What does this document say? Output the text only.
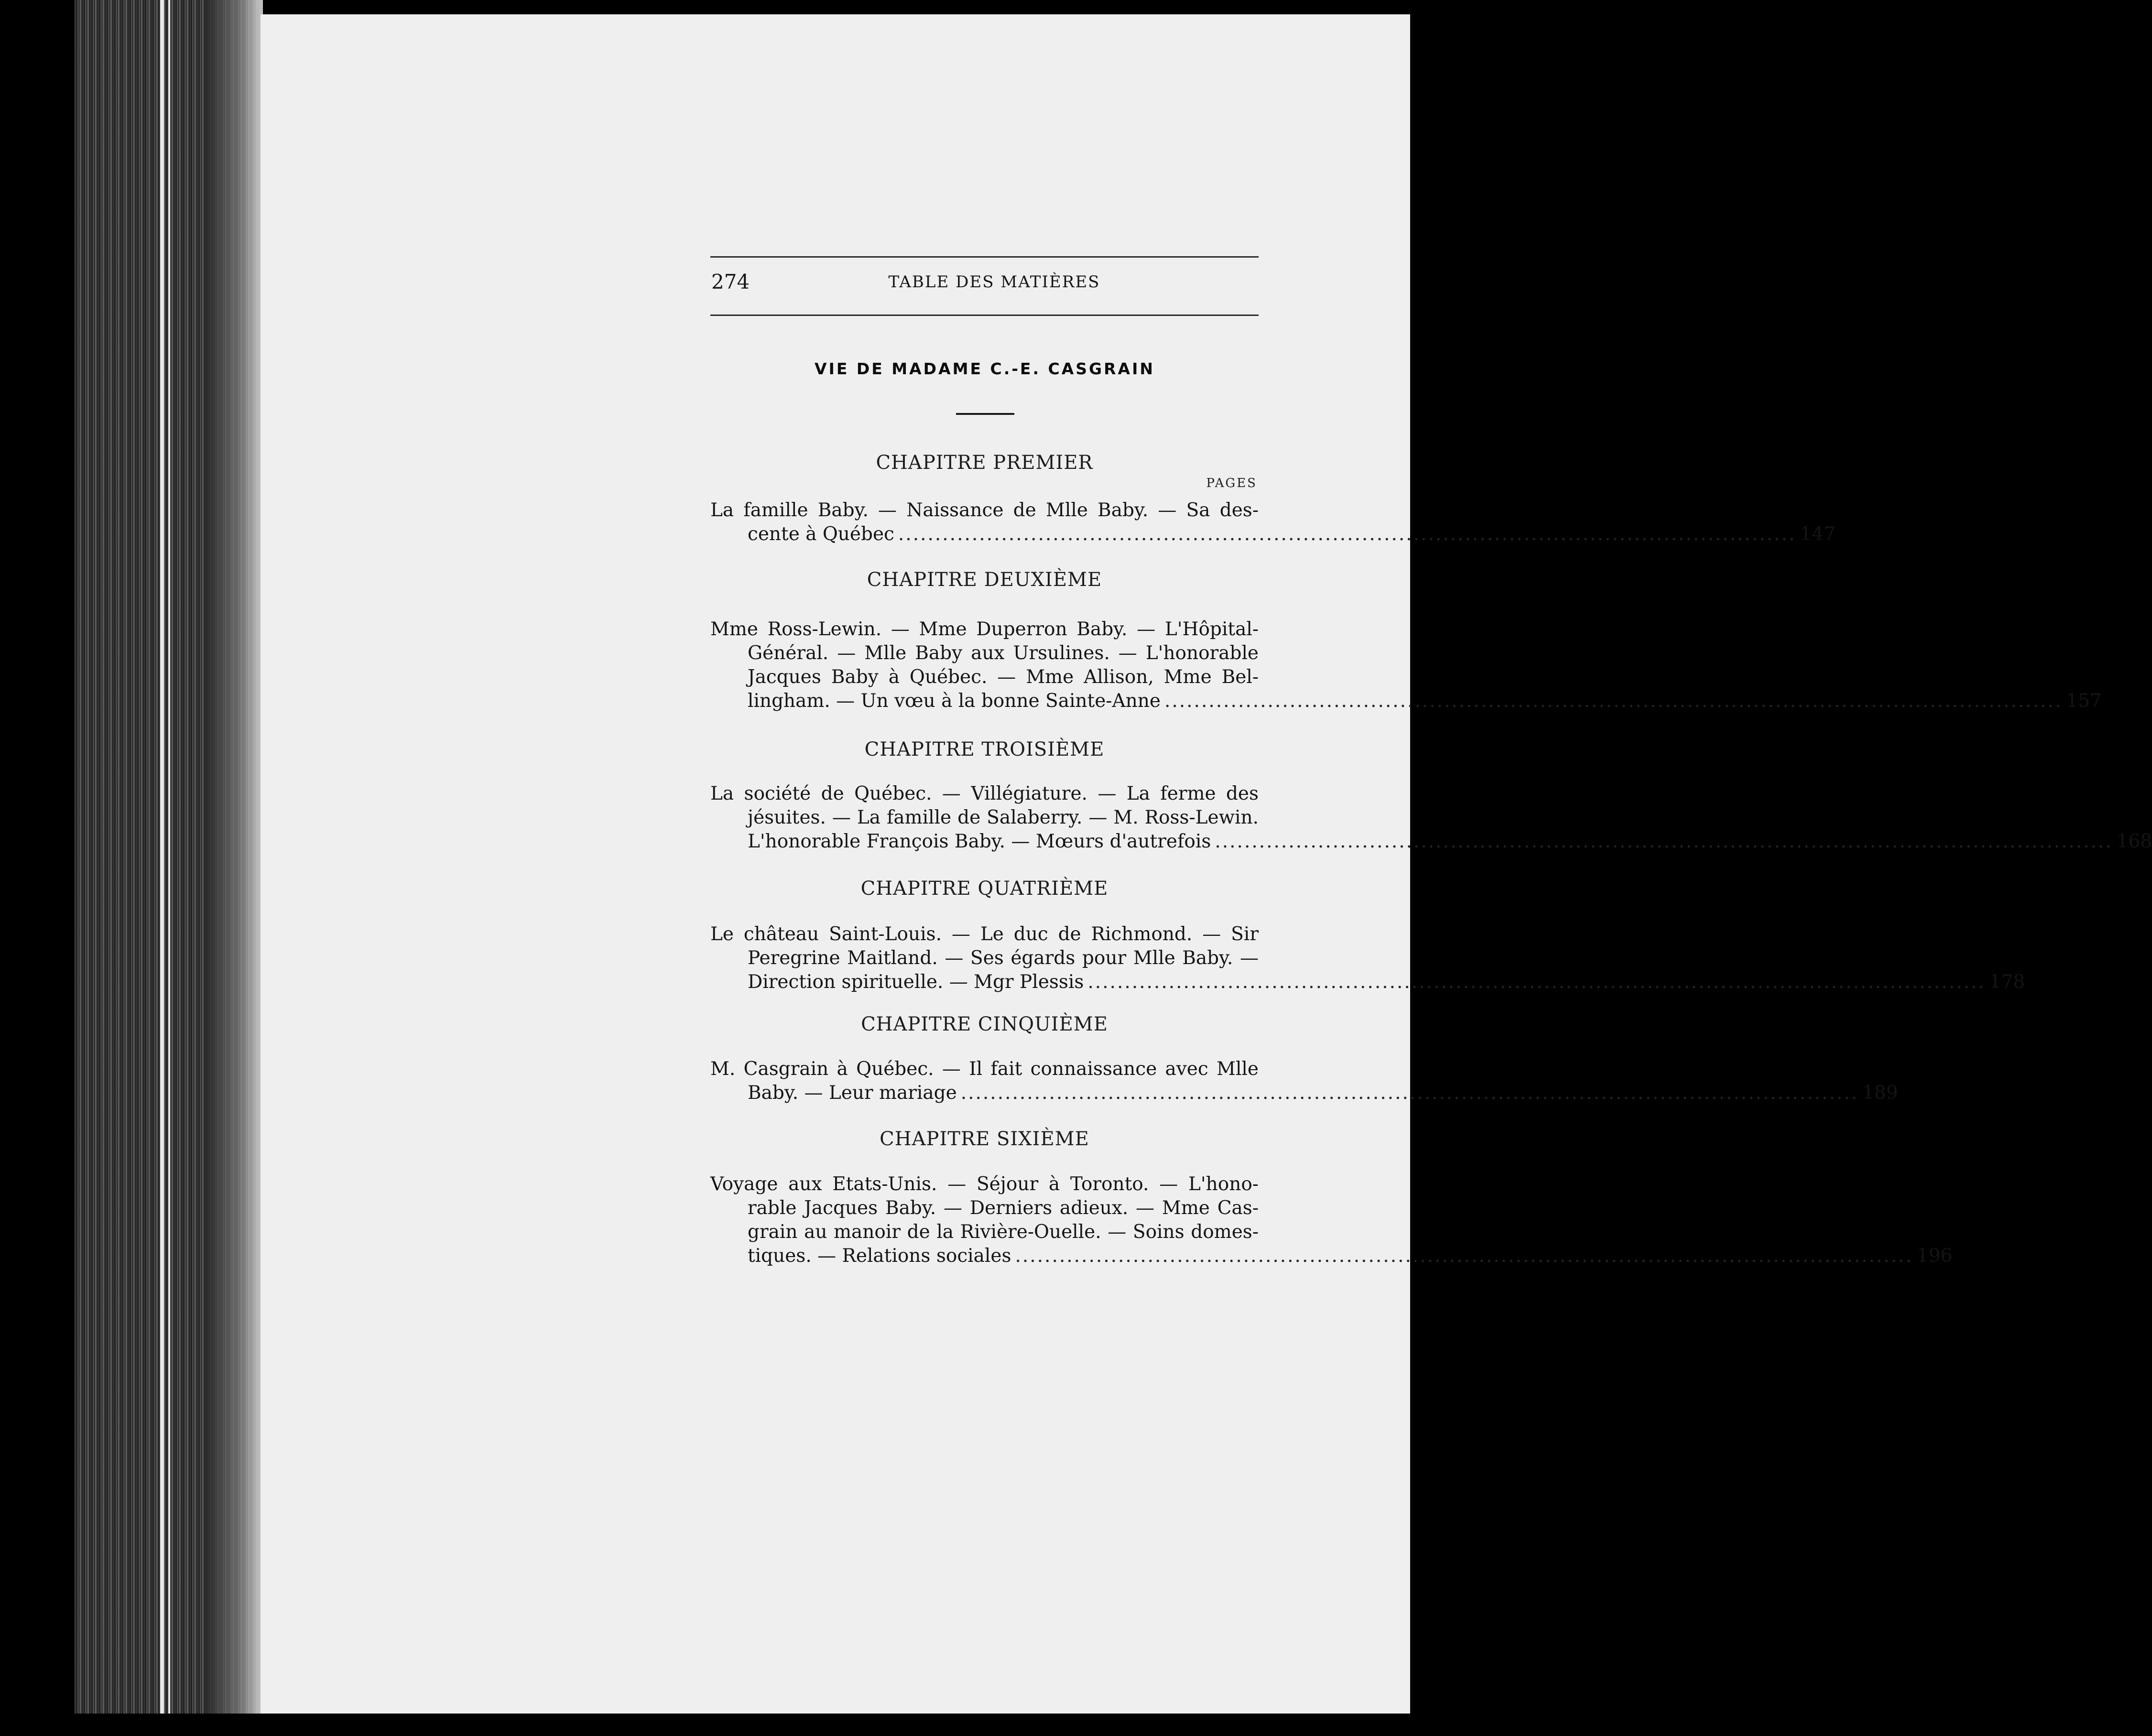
274	TABLE DES MATIÈRES
VIE DE MADAME C.-E. CASGRAIN
PAGES
CHAPITRE PREMIER
La famille Baby. — Naissance de Mlle Baby. — Sa des-
cente à Québec .......................................................................................................................... 147
CHAPITRE DEUXIÈME
Mme Ross-Lewin. — Mme Duperron Baby. — L'Hôpital-
Général. — Mlle Baby aux Ursulines. — L'honorable
Jacques Baby à Québec. — Mme Allison, Mme Bel-
lingham. — Un vœu à la bonne Sainte-Anne .......................................................................................................................... 157
CHAPITRE TROISIÈME
La société de Québec. — Villégiature. — La ferme des
jésuites. — La famille de Salaberry. — M. Ross-Lewin.
L'honorable François Baby. — Mœurs d'autrefois .......................................................................................................................... 168
CHAPITRE QUATRIÈME
Le château Saint-Louis. — Le duc de Richmond. — Sir
Peregrine Maitland. — Ses égards pour Mlle Baby. —
Direction spirituelle. — Mgr Plessis .......................................................................................................................... 178
CHAPITRE CINQUIÈME
M. Casgrain à Québec. — Il fait connaissance avec Mlle
Baby. — Leur mariage .......................................................................................................................... 189
CHAPITRE SIXIÈME
Voyage aux Etats-Unis. — Séjour à Toronto. — L'hono-
rable Jacques Baby. — Derniers adieux. — Mme Cas-
grain au manoir de la Rivière-Ouelle. — Soins domes-
tiques. — Relations sociales .......................................................................................................................... 196
